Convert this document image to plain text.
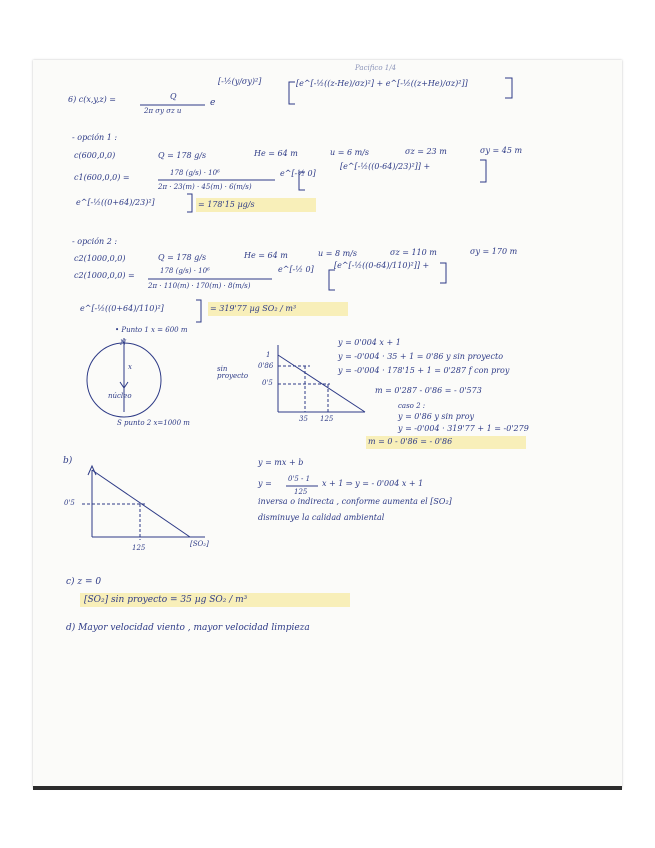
Pacifico 1/4
6) c(x,y,z) =	Q
2π σy σz u
e
[-½(y/σy)²]	[e^[-½((z-He)/σz)²] + e^[-½((z+He)/σz)²]]
- opción 1 :
c(600,0,0)	Q = 178 g/s	He = 64 m	u = 6 m/s	σz = 23 m	σy = 45 m
c1(600,0,0) =	178 (g/s) · 10⁶
2π · 23(m) · 45(m) · 6(m/s)
e^[-½ 0]
[e^[-½((0-64)/23)²]] +
e^[-½((0+64)/23)²]	= 178'15 µg/s
- opción 2 :
c2(1000,0,0)	Q = 178 g/s	He = 64 m	u = 8 m/s	σz = 110 m	σy = 170 m
c2(1000,0,0) =	178 (g/s) · 10⁶
2π · 110(m) · 170(m) · 8(m/s)
e^[-½ 0]	[e^[-½((0-64)/110)²]] +
e^[-½((0+64)/110)²]	= 319'77 µg SO₂ / m³
• Punto 1 x = 600 m
N
x
núcleo
S punto 2 x=1000 m
1
0'86
0'5
sin proyecto
35 125
y = 0'004 x + 1
y = -0'004 · 35 + 1 = 0'86 y sin proyecto
y = -0'004 · 178'15 + 1 = 0'287 f con proy
m = 0'287 - 0'86 = - 0'573
caso 2 :
y = 0'86 y sin proy
y = -0'004 · 319'77 + 1 = -0'279
m = 0 - 0'86 = - 0'86
b)
0'5
125	[SO₂]
y = mx + b
y = 0'5 - 1
125
x + 1 ⇒ y = - 0'004 x + 1
inversa o indirecta , conforme aumenta el [SO₂]
disminuye la calidad ambiental
c) z = 0
[SO₂] sin proyecto = 35 µg SO₂ / m³
d) Mayor velocidad viento , mayor velocidad limpieza
